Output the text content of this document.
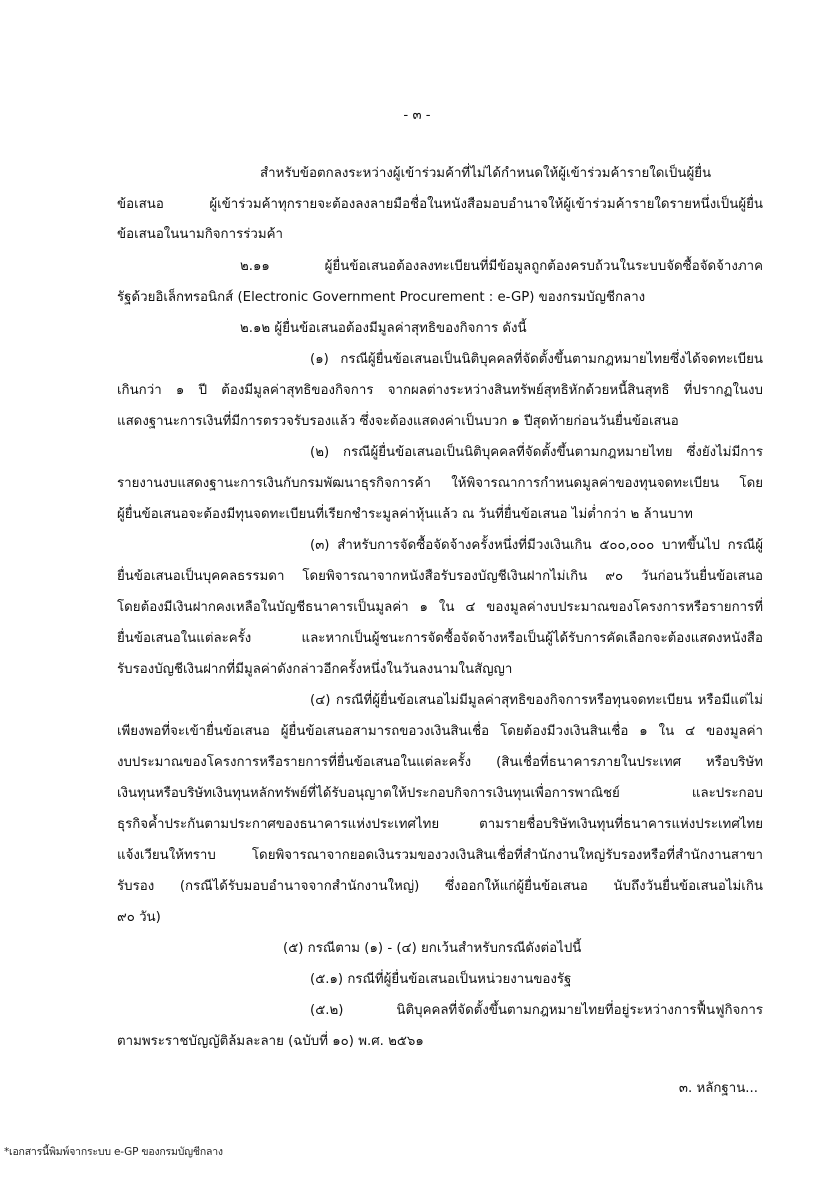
- ๓ -
สำหรับข้อตกลงระหว่างผู้เข้าร่วมค้าที่ไม่ได้กำหนดให้ผู้เข้าร่วมค้ารายใดเป็นผู้ยื่น
ข้อเสนอ ผู้เข้าร่วมค้าทุกรายจะต้องลงลายมือชื่อในหนังสือมอบอำนาจให้ผู้เข้าร่วมค้ารายใดรายหนึ่งเป็นผู้ยื่น
ข้อเสนอในนามกิจการร่วมค้า
๒.๑๑ ผู้ยื่นข้อเสนอต้องลงทะเบียนที่มีข้อมูลถูกต้องครบถ้วนในระบบจัดซื้อจัดจ้างภาค
รัฐด้วยอิเล็กทรอนิกส์ (Electronic Government Procurement : e-GP) ของกรมบัญชีกลาง
๒.๑๒ ผู้ยื่นข้อเสนอต้องมีมูลค่าสุทธิของกิจการ ดังนี้
(๑) กรณีผู้ยื่นข้อเสนอเป็นนิติบุคคลที่จัดตั้งขึ้นตามกฎหมายไทยซึ่งได้จดทะเบียน
เกินกว่า ๑ ปี ต้องมีมูลค่าสุทธิของกิจการ จากผลต่างระหว่างสินทรัพย์สุทธิหักด้วยหนี้สินสุทธิ ที่ปรากฏในงบ
แสดงฐานะการเงินที่มีการตรวจรับรองแล้ว ซึ่งจะต้องแสดงค่าเป็นบวก ๑ ปีสุดท้ายก่อนวันยื่นข้อเสนอ
(๒) กรณีผู้ยื่นข้อเสนอเป็นนิติบุคคลที่จัดตั้งขึ้นตามกฎหมายไทย ซึ่งยังไม่มีการ
รายงานงบแสดงฐานะการเงินกับกรมพัฒนาธุรกิจการค้า ให้พิจารณาการกำหนดมูลค่าของทุนจดทะเบียน โดย
ผู้ยื่นข้อเสนอจะต้องมีทุนจดทะเบียนที่เรียกชำระมูลค่าหุ้นแล้ว ณ วันที่ยื่นข้อเสนอ ไม่ต่ำกว่า ๒ ล้านบาท
(๓) สำหรับการจัดซื้อจัดจ้างครั้งหนึ่งที่มีวงเงินเกิน ๕๐๐,๐๐๐ บาทขึ้นไป กรณีผู้
ยื่นข้อเสนอเป็นบุคคลธรรมดา โดยพิจารณาจากหนังสือรับรองบัญชีเงินฝากไม่เกิน ๙๐ วันก่อนวันยื่นข้อเสนอ
โดยต้องมีเงินฝากคงเหลือในบัญชีธนาคารเป็นมูลค่า ๑ ใน ๔ ของมูลค่างบประมาณของโครงการหรือรายการที่
ยื่นข้อเสนอในแต่ละครั้ง และหากเป็นผู้ชนะการจัดซื้อจัดจ้างหรือเป็นผู้ได้รับการคัดเลือกจะต้องแสดงหนังสือ
รับรองบัญชีเงินฝากที่มีมูลค่าดังกล่าวอีกครั้งหนึ่งในวันลงนามในสัญญา
(๔) กรณีที่ผู้ยื่นข้อเสนอไม่มีมูลค่าสุทธิของกิจการหรือทุนจดทะเบียน หรือมีแต่ไม่
เพียงพอที่จะเข้ายื่นข้อเสนอ ผู้ยื่นข้อเสนอสามารถขอวงเงินสินเชื่อ โดยต้องมีวงเงินสินเชื่อ ๑ ใน ๔ ของมูลค่า
งบประมาณของโครงการหรือรายการที่ยื่นข้อเสนอในแต่ละครั้ง (สินเชื่อที่ธนาคารภายในประเทศ หรือบริษัท
เงินทุนหรือบริษัทเงินทุนหลักทรัพย์ที่ได้รับอนุญาตให้ประกอบกิจการเงินทุนเพื่อการพาณิชย์ และประกอบ
ธุรกิจค้ำประกันตามประกาศของธนาคารแห่งประเทศไทย ตามรายชื่อบริษัทเงินทุนที่ธนาคารแห่งประเทศไทย
แจ้งเวียนให้ทราบ โดยพิจารณาจากยอดเงินรวมของวงเงินสินเชื่อที่สำนักงานใหญ่รับรองหรือที่สำนักงานสาขา
รับรอง (กรณีได้รับมอบอำนาจจากสำนักงานใหญ่) ซึ่งออกให้แก่ผู้ยื่นข้อเสนอ นับถึงวันยื่นข้อเสนอไม่เกิน
๙๐ วัน)
(๕) กรณีตาม (๑) - (๔) ยกเว้นสำหรับกรณีดังต่อไปนี้
(๕.๑) กรณีที่ผู้ยื่นข้อเสนอเป็นหน่วยงานของรัฐ
(๕.๒) นิติบุคคลที่จัดตั้งขึ้นตามกฎหมายไทยที่อยู่ระหว่างการฟื้นฟูกิจการ
ตามพระราชบัญญัติล้มละลาย (ฉบับที่ ๑๐) พ.ศ. ๒๕๖๑
๓. หลักฐาน...
*เอกสารนี้พิมพ์จากระบบ e-GP ของกรมบัญชีกลาง
